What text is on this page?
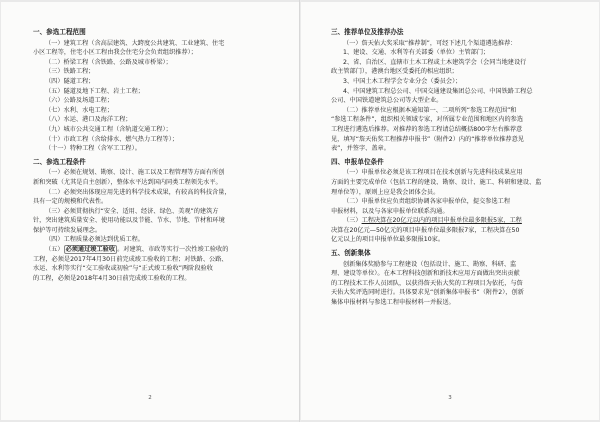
一、参选工程范围

（一）建筑工程（含高层建筑、大跨度公共建筑、工业建筑、住宅

小区工程等，住宅小区工程由我会住宅分会负责组织推荐）；

（二）桥梁工程（含铁路、公路及城市桥梁）；

（三）铁路工程；

（四）隧道工程；

（五）隧道及地下工程、岩土工程；

（六）公路及场道工程；

（七）水利、水电工程；

（八）水运、港口及海洋工程；

（九）城市公共交通工程（含轨道交通工程）；

（十）市政工程（含给排水、燃气热力工程等）；

（十一）特种工程（含军工工程）。

二、参选工程条件

（一）必须在规划、勘察、设计、施工以及工程管理等方面有所创

新和突破（尤其是自主创新），整体水平达到国内同类工程领先水平。

（二）必须突出体现应用先进的科学技术成果，有较高的科技含量，

具有一定的规模和代表性。

（三）必须贯彻执行“安全、适用、经济、绿色、美观”的建筑方

针，突出建筑质量安全、使用功能以及节能、节水、节地、节材和环境

保护等可持续发展理念。

（四）工程质量必须达到优质工程。

（五） 必须通过竣工验收 。对建筑、市政等实行一次性竣工验收的

工程，必须是2017年4月30日前完成竣工验收的工程；对铁路、公路、

水运、水利等实行“交工验收或初验”与“正式竣工验收”两阶段验收

的工程，必须是2018年4月30日前完成竣工验收的工程。

2

三、推荐单位及推荐办法

（一）詹天佑大奖采取“推荐制”，可经下述几个渠道遴选推荐：

1、建设、交通、水利等有关部委（单位）主管部门；

2、省、自治区、直辖市土木工程或土木建筑学会（会同当地建设行

政主管部门），港澳台地区受委托的相应组织；

3、中国土木工程学会专业分会（委员会）；

4、中国建筑工程总公司、中国交通建设集团总公司、中国铁路工程总

公司、中国铁道建筑总公司等大型企业。

（二）推荐单位应根据本通知第一、二项所列“参选工程范围”和

“参选工程条件”，组织相关领域专家，对所属专业范围和地区内的参选

工程进行遴选后推荐。对推荐的参选工程请总结概括800字左右推荐意

见，填写“詹天佑奖工程推荐申报书”（附件2）内的“推荐单位推荐意见

表”，并签字、盖章。

四、申报单位条件

（一）申报单位必须是该工程项目在技术创新与先进科技成果应用

方面的主要完成单位（包括工程的建设、勘察、设计、施工、科研和建设、监

理单位等），原则上应是我会团体会员。

（二）申报单位应负责组织协调各家申报单位，提交参选工程

申报材料，以及与各家申报单位联系沟通。

（三）工程决算在20亿元以内的项目申报单位最多限报5家，工程

决算在20亿元—50亿元的项目申报单位最多限报7家，工程决算在50

亿元以上的项目申报单位最多限报10家。

五、创新集体

创新集体奖励参与工程建设（包括设计、施工、勘察、科研、监

理、建设等单位）。在本工程科技创新和新技术应用方面做出突出贡献

的工程技术工作人员团队，以获得詹天佑大奖的工程项目为依托，与詹

天佑大奖评选同时进行。具体要求见“创新集体申报书”（附件2），创新

集体申报材料与参选工程申报材料一并报送。

3
